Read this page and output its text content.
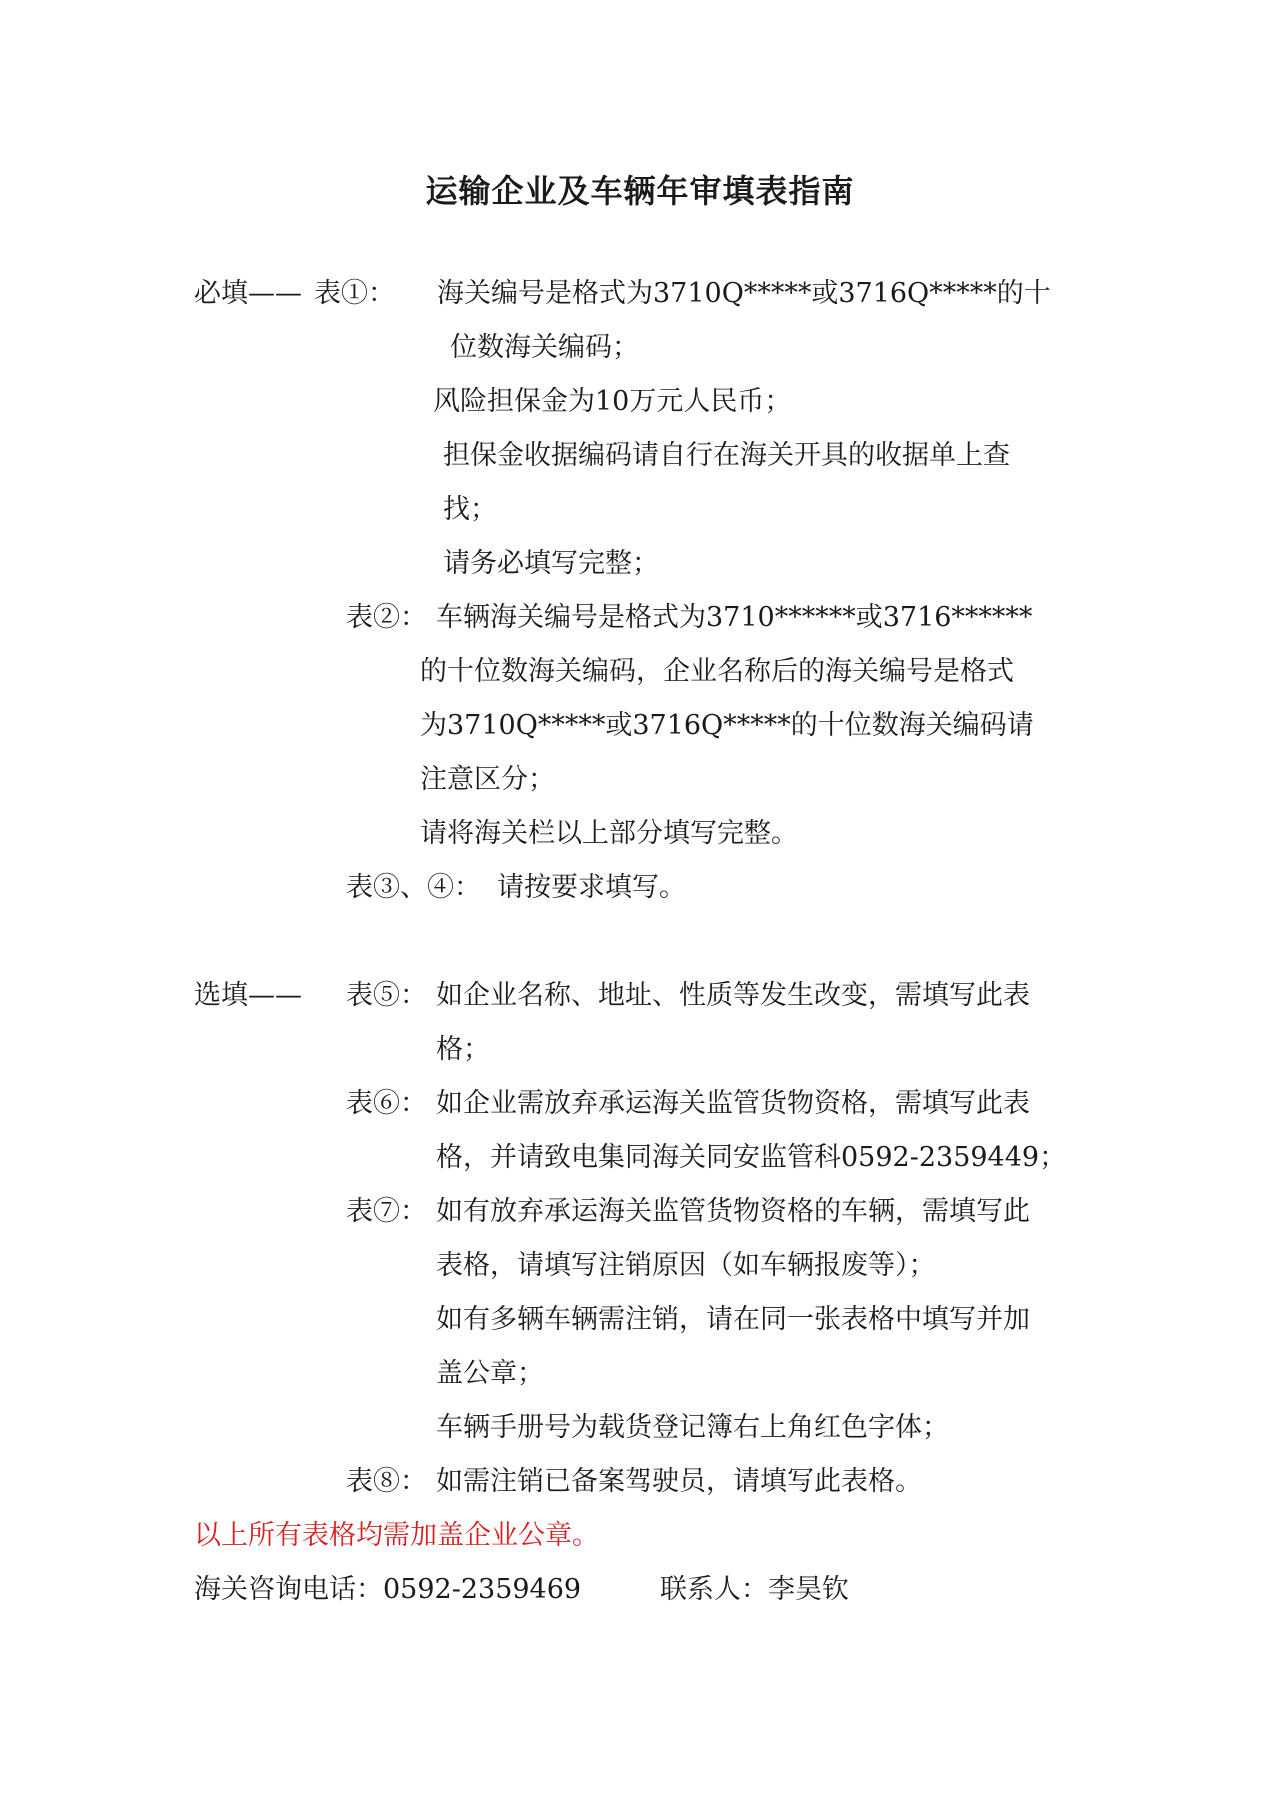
运输企业及车辆年审填表指南
必填—— 表①： 海关编号是格式为3710Q*****或3716Q*****的十
位数海关编码；
风险担保金为10万元人民币；
担保金收据编码请自行在海关开具的收据单上查
找；
请务必填写完整；
表②： 车辆海关编号是格式为3710******或3716******
的十位数海关编码，企业名称后的海关编号是格式
为3710Q*****或3716Q*****的十位数海关编码请
注意区分；
请将海关栏以上部分填写完整。
表③、④： 请按要求填写。
选填—— 表⑤： 如企业名称、地址、性质等发生改变，需填写此表
格；
表⑥： 如企业需放弃承运海关监管货物资格，需填写此表
格，并请致电集同海关同安监管科0592-2359449；
表⑦： 如有放弃承运海关监管货物资格的车辆，需填写此
表格，请填写注销原因（如车辆报废等）；
如有多辆车辆需注销，请在同一张表格中填写并加
盖公章；
车辆手册号为载货登记簿右上角红色字体；
表⑧： 如需注销已备案驾驶员，请填写此表格。
以上所有表格均需加盖企业公章。
海关咨询电话：0592-2359469	联系人：李昊钦
